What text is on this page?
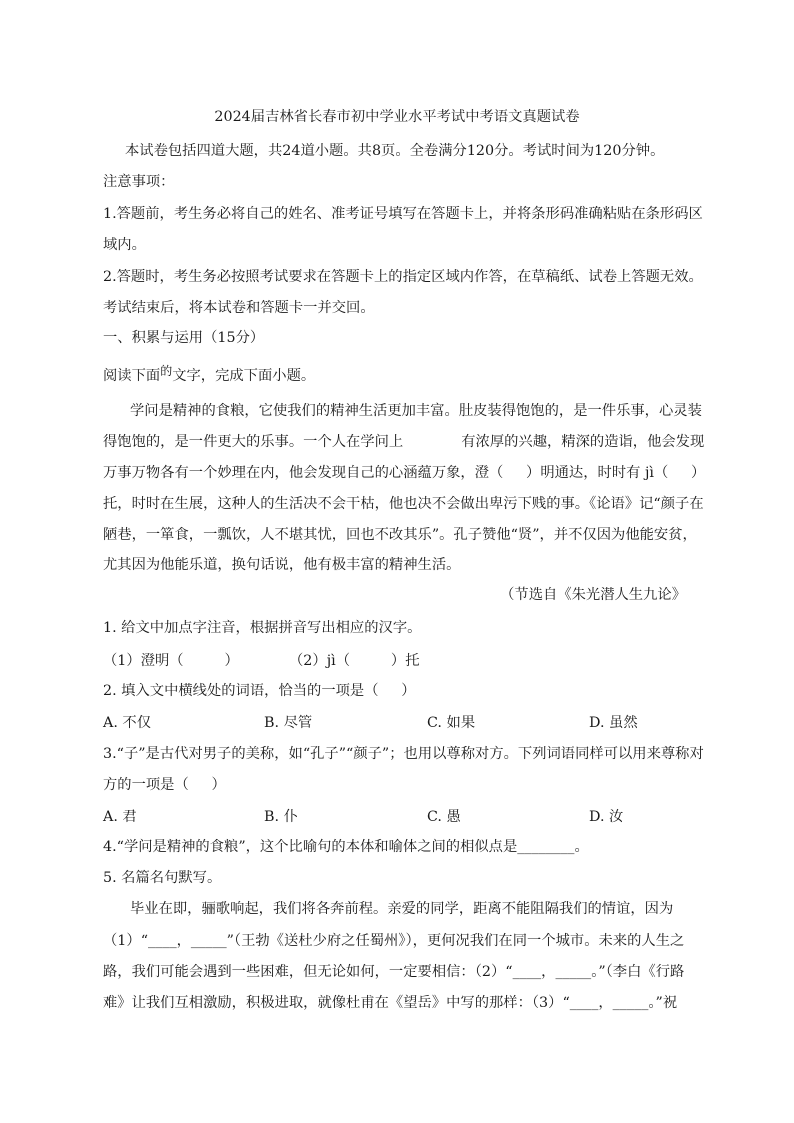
2024届吉林省长春市初中学业水平考试中考语文真题试卷
本试卷包括四道大题，共24道小题。共8页。全卷满分120分。考试时间为120分钟。
注意事项：
1.答题前，考生务必将自己的姓名、准考证号填写在答题卡上，并将条形码准确粘贴在条形码区
域内。
2.答题时，考生务必按照考试要求在答题卡上的指定区域内作答，在草稿纸、试卷上答题无效。
考试结束后，将本试卷和答题卡一并交回。
一、积累与运用（15分）
阅读下面$^的$文字，完成下面小题。
学问是精神的食粮，它使我们的精神生活更加丰富。肚皮装得饱饱的，是一件乐事，心灵装
得饱饱的，是一件更大的乐事。一个人在学问上	有浓厚的兴趣，精深的造诣，他会发现
万事万物各有一个妙理在内，他会发现自己的心涵蕴万象，澄（     ）明通达，时时有 jì（     ）
托，时时在生展，这种人的生活决不会干枯，他也决不会做出卑污下贱的事。《论语》记“颜子在
陋巷，一箪食，一瓢饮，人不堪其忧，回也不改其乐”。孔子赞他“贤”，并不仅因为他能安贫，
尤其因为他能乐道，换句话说，他有极丰富的精神生活。
（节选自《朱光潜人生九论》
1. 给文中加点字注音，根据拼音写出相应的汉字。
（1）澄明（         ）	（2）jì（         ）托
2. 填入文中横线处的词语，恰当的一项是（     ）
A. 不仅	B. 尽管	C. 如果	D. 虽然
3.“子”是古代对男子的美称，如“孔子”“颜子”；也用以尊称对方。下列词语同样可以用来尊称对
方的一项是（     ）
A. 君	B. 仆	C. 愚	D. 汝
4.“学问是精神的食粮”，这个比喻句的本体和喻体之间的相似点是________。
5. 名篇名句默写。
毕业在即，骊歌响起，我们将各奔前程。亲爱的同学，距离不能阻隔我们的情谊，因为
（1）“____，_____”（王勃《送杜少府之任蜀州》），更何况我们在同一个城市。未来的人生之
路，我们可能会遇到一些困难，但无论如何，一定要相信：（2）“____，_____。”（李白《行路
难》让我们互相激励，积极进取，就像杜甫在《望岳》中写的那样：（3）“____，_____。”祝
